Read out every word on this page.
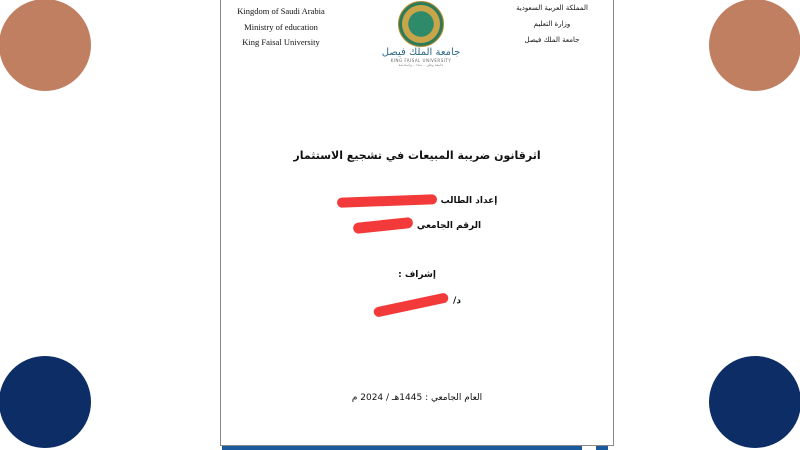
Kingdom of Saudi Arabia
Ministry of education
King Faisal University
جامعة الملك فيصل
KING FAISAL UNIVERSITY
جامعة وطن .. نماء .. واستدامة
المملكة العربية السعودية
وزارة التعليم
جامعة الملك فيصل
اثرقانون ضريبة المبيعات في تشجيع الاستثمار
إعداد الطالب
الرقم الجامعي
إشراف :
د/
العام الجامعي : 1445هـ / 2024 م
